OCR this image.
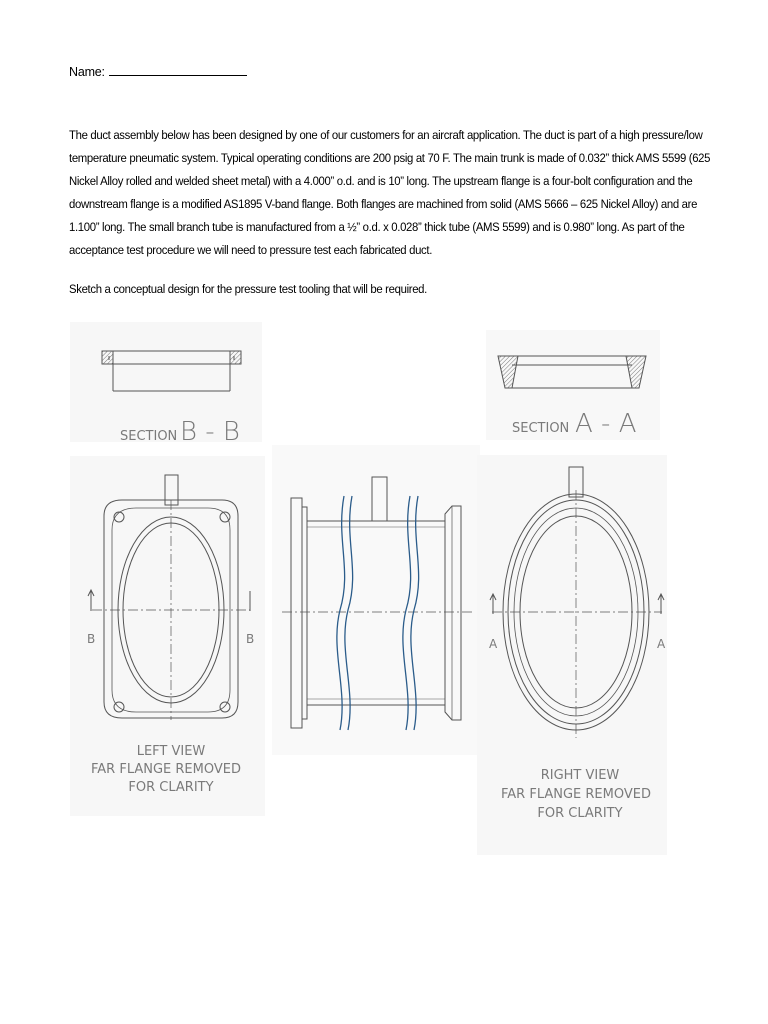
Name:
The duct assembly below has been designed by one of our customers for an aircraft application. The duct is part of a high pressure/low temperature pneumatic system. Typical operating conditions are 200 psig at 70 F. The main trunk is made of 0.032” thick AMS 5599 (625 Nickel Alloy rolled and welded sheet metal) with a 4.000” o.d. and is 10” long. The upstream flange is a four-bolt configuration and the downstream flange is a modified AS1895 V-band flange. Both flanges are machined from solid (AMS 5666 – 625 Nickel Alloy) and are 1.100” long. The small branch tube is manufactured from a ½” o.d. x 0.028” thick tube (AMS 5599) and is 0.980” long. As part of the acceptance test procedure we will need to pressure test each fabricated duct.
Sketch a conceptual design for the pressure test tooling that will be required.
SECTION B - B	SECTION A - A
B	B
LEFT VIEW
FAR FLANGE REMOVED
FOR CLARITY
A	A
RIGHT VIEW
FAR FLANGE REMOVED
FOR CLARITY
